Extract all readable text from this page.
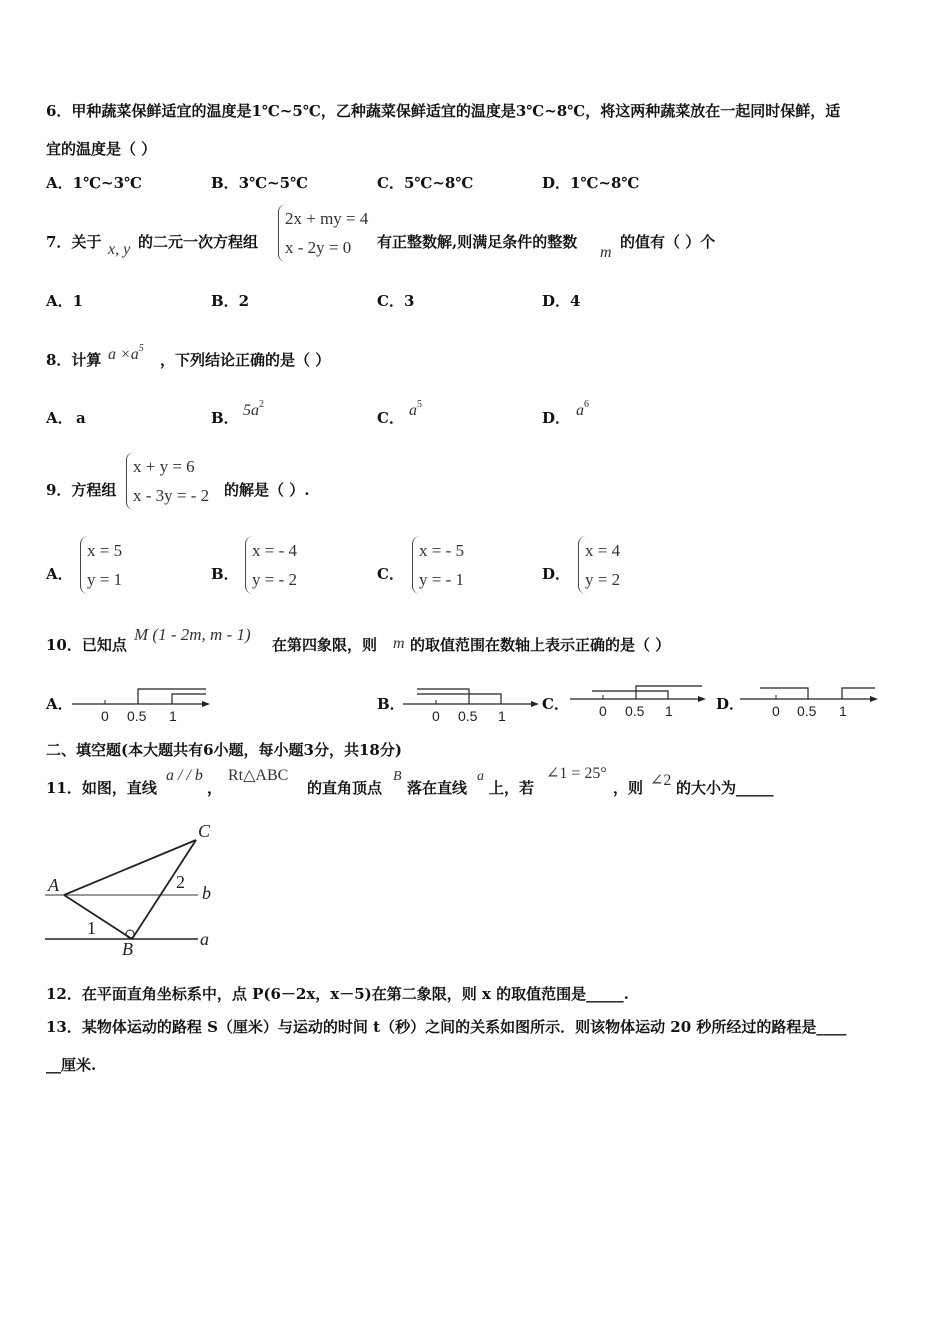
6．甲种蔬菜保鲜适宜的温度是1℃~5℃，乙种蔬菜保鲜适宜的温度是3℃~8℃，将这两种蔬菜放在一起同时保鲜，适
宜的温度是（ ）
A．1℃~3℃	B．3℃~5℃	C．5℃~8℃	D．1℃~8℃
7．关于 x, y 的二元一次方程组
2x + my = 4
x - 2y = 0	有正整数解,则满足条件的整数
m
的值有（ ）个
A．1	B．2	C．3	D．4
8．计算 $a \times a^5$
，下列结论正确的是（ ）
A． a	B． $5a^2$
C． $a^5$
D． $a^6$
9．方程组
x + y = 6
x - 3y = - 2 的解是（ ）.
A．
x = 5
y = 1	B．
x = - 4
y = - 2	C．
x = - 5
y = - 1	D．
x = 4
y = 2
10．已知点
M (1 - 2m, m - 1)
在第四象限，则 m 的取值范围在数轴上表示正确的是（ ）
A．
0 0.5 1
B．
0 0.5 1
C． 0 0.5 1	D． 0 0.5 1
二、填空题(本大题共有6小题，每小题3分，共18分)
11．如图，直线
a / / b
，
Rt△ABC
的直角顶点
B
落在直线
a
上，若
∠1 = 25°
，则 ∠2 的大小为_____
A
B
C
1
2
b
a
12．在平面直角坐标系中，点 P(6－2x，x－5)在第二象限，则 x 的取值范围是_____.
13．某物体运动的路程 S（厘米）与运动的时间 t（秒）之间的关系如图所示．则该物体运动 20 秒所经过的路程是____
__厘米.
